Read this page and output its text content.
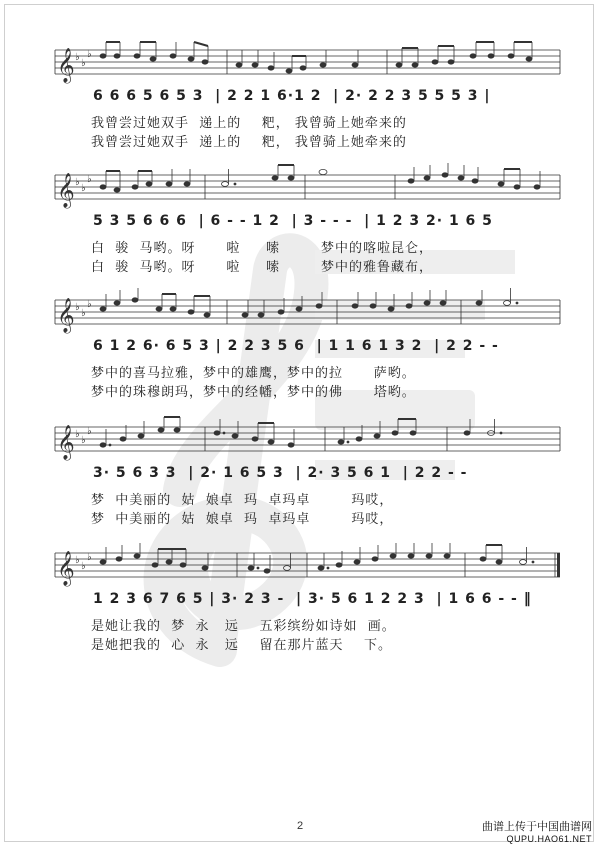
𝄞 ♭
♭
♭
6 6 6 5 6 5 3  | 2 2 1 6·1 2  | 2· 2 2 3 5 5 5 3 |
我曾尝过她双手  递上的    粑， 我曾骑上她牵来的
我曾尝过她双手  递上的    粑， 我曾骑上她牵来的
𝄞 ♭
♭
♭
5 3 5 6 6 6  | 6 - - 1 2  | 3 - - -  | 1 2 3 2· 1 6 5
白  骏  马哟。呀      啦     嗦        梦中的喀啦昆仑，
白  骏  马哟。呀      啦     嗦        梦中的雅鲁藏布，
𝄞 ♭
♭
♭
6 1 2 6· 6 5 3 | 2 2 3 5 6  | 1 1 6 1 3 2  | 2 2 - -
梦中的喜马拉雅，梦中的雄鹰，梦中的拉      萨哟。
梦中的珠穆朗玛，梦中的经幡，梦中的佛      塔哟。
𝄞 ♭
♭
♭
3· 5 6 3 3  | 2· 1 6 5 3  | 2· 3 5 6 1  | 2 2 - -
梦  中美丽的  姑  娘卓  玛  卓玛卓        玛哎，
梦  中美丽的  姑  娘卓  玛  卓玛卓        玛哎，
𝄞 ♭
♭
♭
1 2 3 6 7 6 5 | 3· 2 3 -  | 3· 5 6 1 2 2 3  | 1 6 6 - - ‖
是她让我的  梦  永   远    五彩缤纷如诗如  画。
是她把我的  心  永   远    留在那片蓝天    下。
2	曲谱上传于中国曲谱网
QUPU.HAO61.NET
